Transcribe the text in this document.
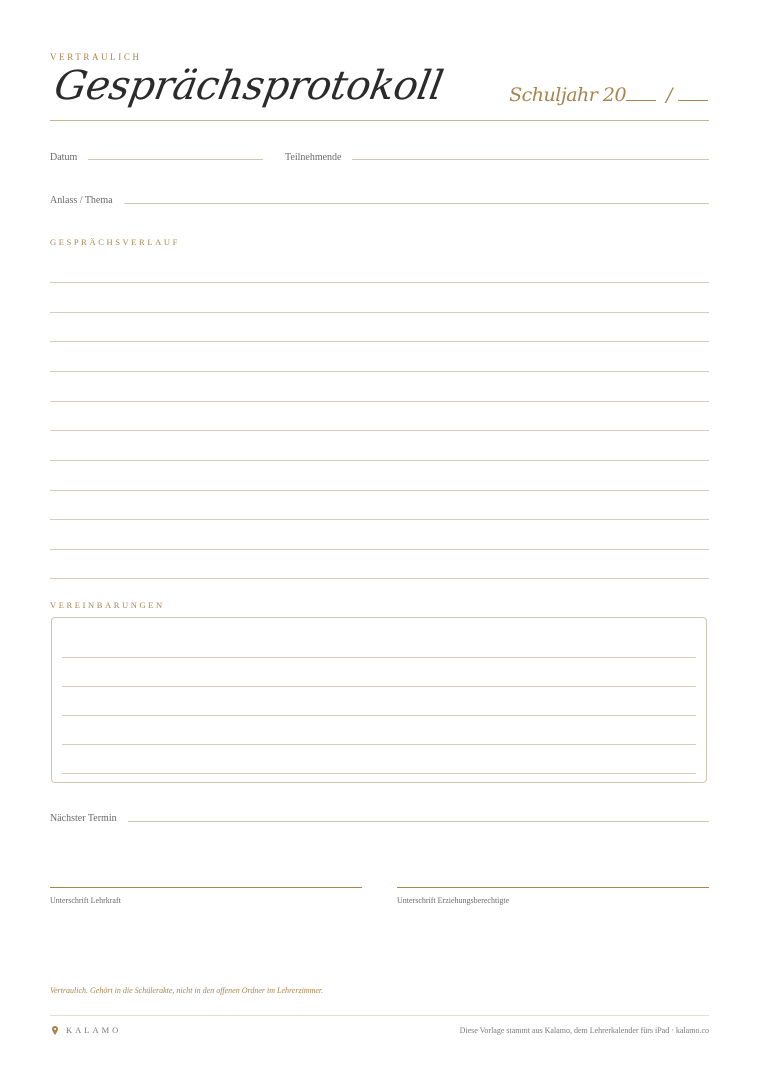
VERTRAULICH
Gesprächsprotokoll	Schuljahr 20 /
Datum	Teilnehmende
Anlass / Thema
GESPRÄCHSVERLAUF
VEREINBARUNGEN
Nächster Termin
Unterschrift Lehrkraft	Unterschrift Erziehungsberechtigte
Vertraulich. Gehört in die Schülerakte, nicht in den offenen Ordner im Lehrerzimmer.
KALAMO	Diese Vorlage stammt aus Kalamo, dem Lehrerkalender fürs iPad · kalamo.co
